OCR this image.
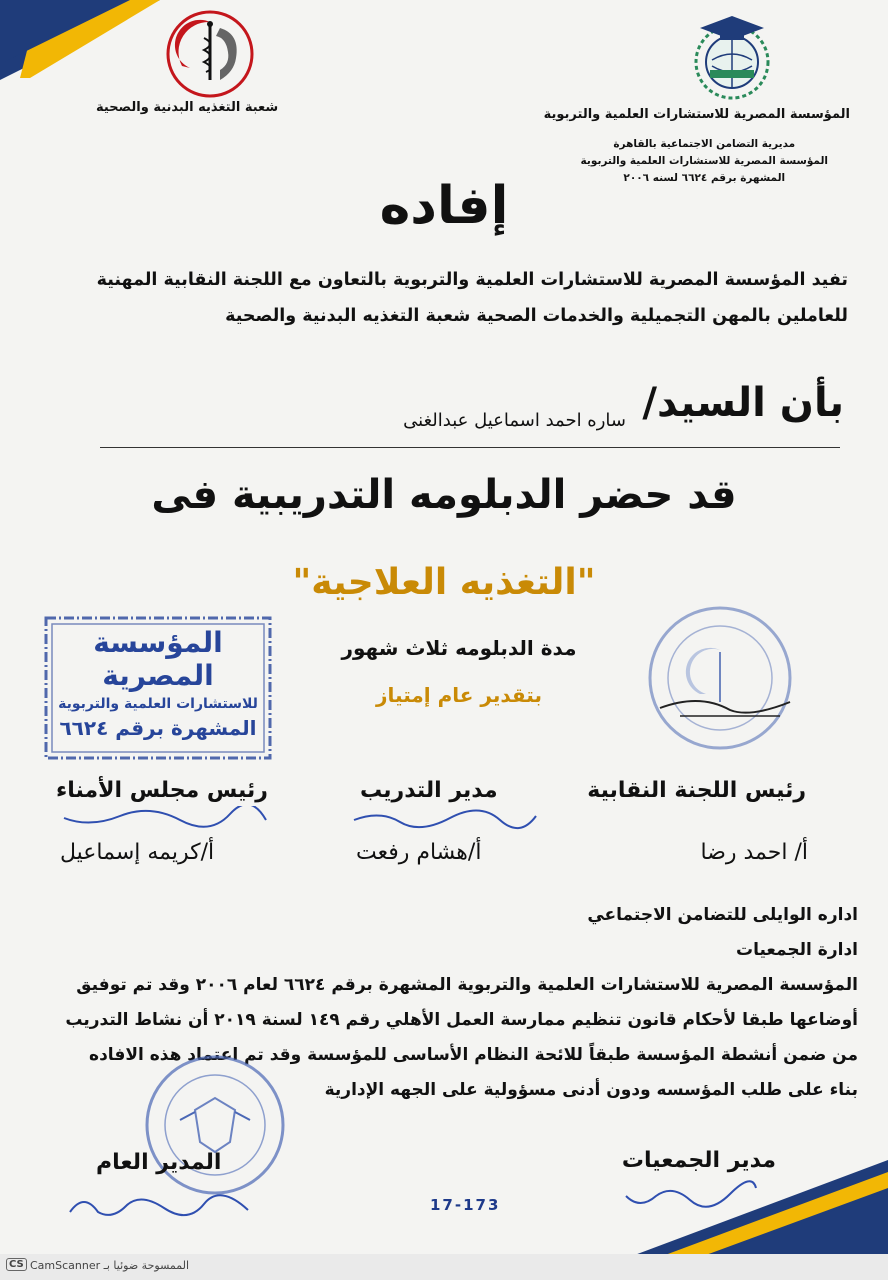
المؤسسة المصرية للاستشارات العلمية والتربوية
شعبة التغذيه البدنية والصحية
مديرية التضامن الاجتماعية بالقاهرة
المؤسسة المصرية للاستشارات العلمية والتربوية
المشهرة برقم ٦٦٢٤ لسنه ٢٠٠٦
إفاده
تفيد المؤسسة المصرية للاستشارات العلمية والتربوية بالتعاون مع اللجنة النقابية المهنية
للعاملين بالمهن التجميلية والخدمات الصحية شعبة التغذيه البدنية والصحية
بأن السيد/
ساره احمد اسماعيل عبدالغنى
قد حضر الدبلومه التدريبية فى
"التغذيه العلاجية"
مدة الدبلومه ثلاث شهور
بتقدير عام إمتياز
المؤسسة المصرية
للاستشارات العلمية والتربوية
المشهرة برقم ٦٦٢٤
رئيس اللجنة النقابية
مدير التدريب
رئيس مجلس الأمناء
أ/ احمد رضا
أ/هشام رفعت
أ/كريمه إسماعيل
اداره الوايلى للتضامن الاجتماعي
ادارة الجمعيات
المؤسسة المصرية للاستشارات العلمية والتربوية المشهرة برقم ٦٦٢٤ لعام ٢٠٠٦ وقد تم توفيق
أوضاعها طبقا لأحكام قانون تنظيم ممارسة العمل الأهلي رقم ١٤٩ لسنة ٢٠١٩ أن نشاط التدريب
من ضمن أنشطة المؤسسة طبقاً للائحة النظام الأساسى للمؤسسة وقد تم اعتماد هذه الافاده
بناء على طلب المؤسسه ودون أدنى مسؤولية على الجهه الإدارية
المدير العام	مدير الجمعيات
17-173
CS الممسوحة ضوئيا بـ CamScanner
